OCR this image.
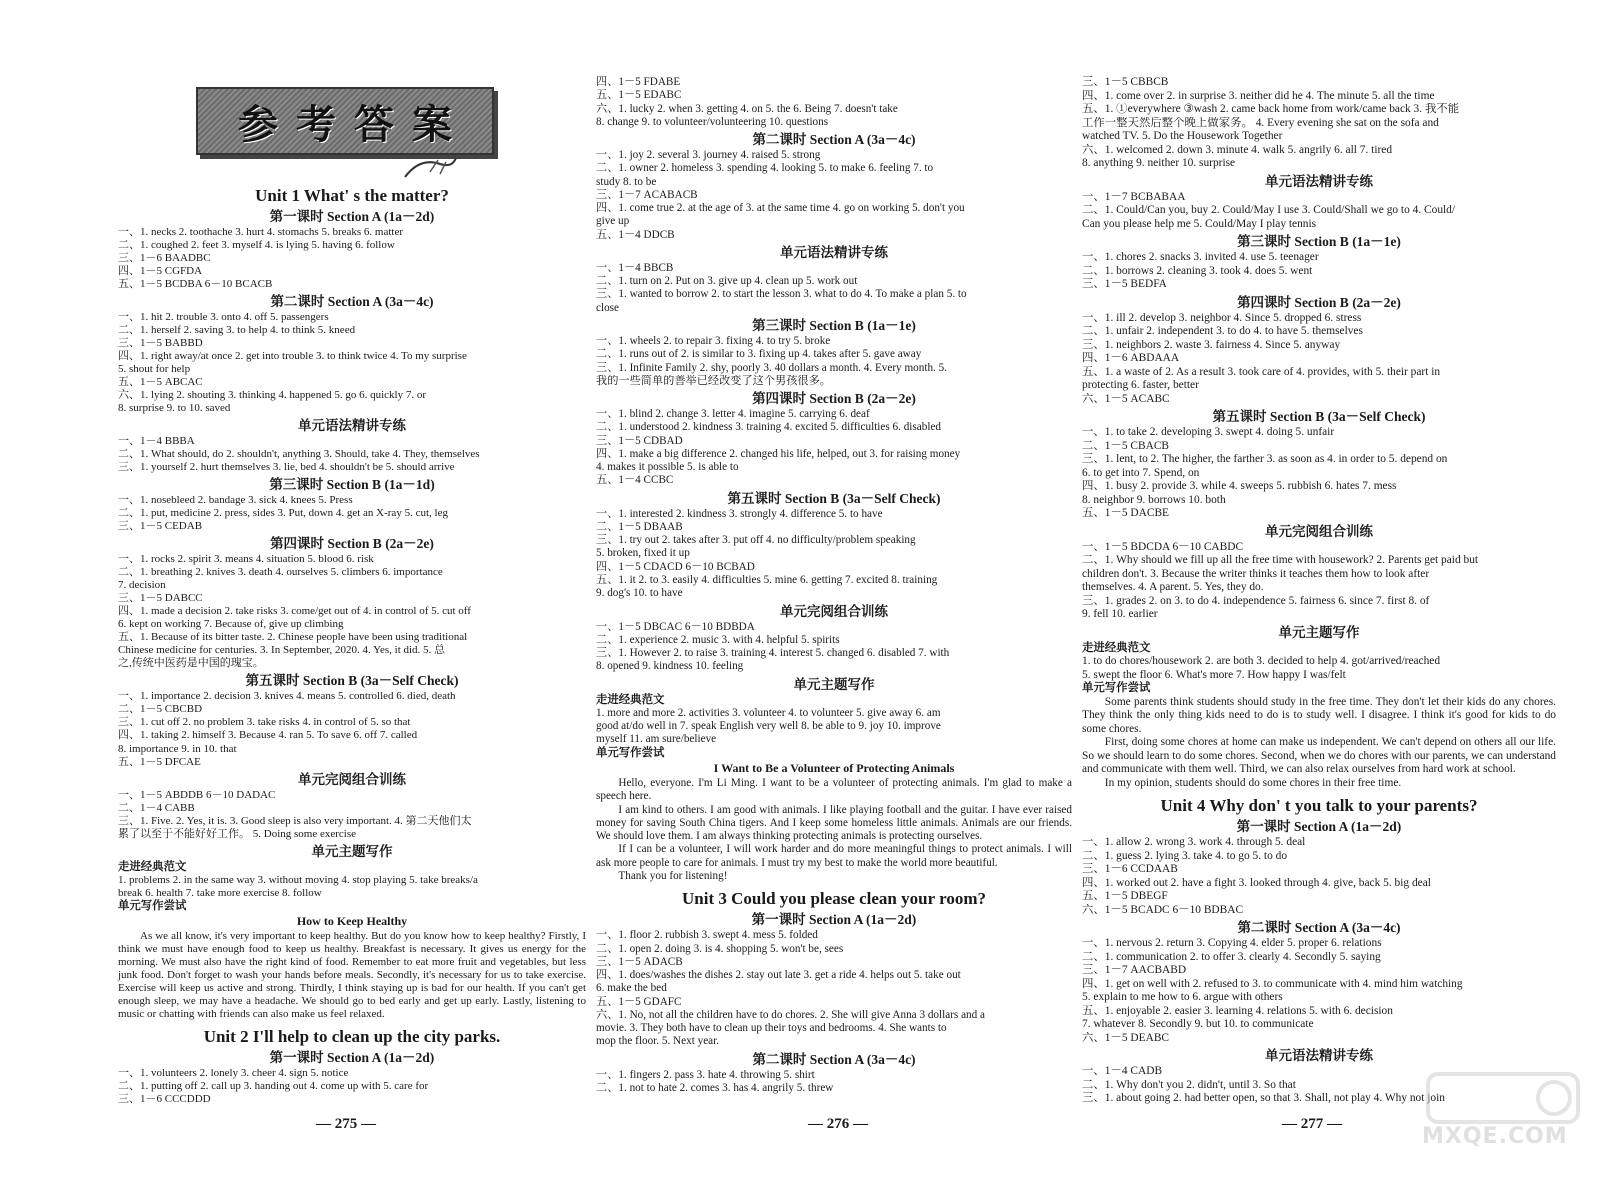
参考答案
Unit 1 What' s the matter?
第一课时 Section A (1a－2d)
一、1. necks 2. toothache 3. hurt 4. stomachs 5. breaks 6. matter
二、1. coughed 2. feet 3. myself 4. is lying 5. having 6. follow
三、1－6 BAADBC
四、1－5 CGFDA
五、1－5 BCDBA 6－10 BCACB
第二课时 Section A (3a－4c)
一、1. hit 2. trouble 3. onto 4. off 5. passengers
二、1. herself 2. saving 3. to help 4. to think 5. kneed
三、1－5 BABBD
四、1. right away/at once 2. get into trouble 3. to think twice 4. To my surprise
5. shout for help
五、1－5 ABCAC
六、1. lying 2. shouting 3. thinking 4. happened 5. go 6. quickly 7. or
8. surprise 9. to 10. saved
单元语法精讲专练
一、1－4 BBBA
二、1. What should, do 2. shouldn't, anything 3. Should, take 4. They, themselves
三、1. yourself 2. hurt themselves 3. lie, bed 4. shouldn't be 5. should arrive
第三课时 Section B (1a－1d)
一、1. nosebleed 2. bandage 3. sick 4. knees 5. Press
二、1. put, medicine 2. press, sides 3. Put, down 4. get an X-ray 5. cut, leg
三、1－5 CEDAB
第四课时 Section B (2a－2e)
一、1. rocks 2. spirit 3. means 4. situation 5. blood 6. risk
二、1. breathing 2. knives 3. death 4. ourselves 5. climbers 6. importance
7. decision
三、1－5 DABCC
四、1. made a decision 2. take risks 3. come/get out of 4. in control of 5. cut off
6. kept on working 7. Because of, give up climbing
五、1. Because of its bitter taste. 2. Chinese people have been using traditional
Chinese medicine for centuries. 3. In September, 2020. 4. Yes, it did. 5. 总
之,传统中医药是中国的瑰宝。
第五课时 Section B (3a－Self Check)
一、1. importance 2. decision 3. knives 4. means 5. controlled 6. died, death
二、1－5 CBCBD
三、1. cut off 2. no problem 3. take risks 4. in control of 5. so that
四、1. taking 2. himself 3. Because 4. ran 5. To save 6. off 7. called
8. importance 9. in 10. that
五、1－5 DFCAE
单元完阅组合训练
一、1－5 ABDDB 6－10 DADAC
二、1－4 CABB
三、1. Five. 2. Yes, it is. 3. Good sleep is also very important. 4. 第二天他们太
累了以至于不能好好工作。 5. Doing some exercise
单元主题写作
走进经典范文
1. problems 2. in the same way 3. without moving 4. stop playing 5. take breaks/a
break 6. health 7. take more exercise 8. follow
单元写作尝试
How to Keep Healthy
As we all know, it's very important to keep healthy. But do you know how to keep healthy? Firstly, I think we must have enough food to keep us healthy. Breakfast is necessary. It gives us energy for the morning. We must also have the right kind of food. Remember to eat more fruit and vegetables, but less junk food. Don't forget to wash your hands before meals. Secondly, it's necessary for us to take exercise. Exercise will keep us active and strong. Thirdly, I think staying up is bad for our health. If you can't get enough sleep, we may have a headache. We should go to bed early and get up early. Lastly, listening to music or chatting with friends can also make us feel relaxed.
Unit 2 I'll help to clean up the city parks.
第一课时 Section A (1a－2d)
一、1. volunteers 2. lonely 3. cheer 4. sign 5. notice
二、1. putting off 2. call up 3. handing out 4. come up with 5. care for
三、1－6 CCCDDD
四、1－5 FDABE
五、1－5 EDABC
六、1. lucky 2. when 3. getting 4. on 5. the 6. Being 7. doesn't take
8. change 9. to volunteer/volunteering 10. questions
第二课时 Section A (3a－4c)
一、1. joy 2. several 3. journey 4. raised 5. strong
二、1. owner 2. homeless 3. spending 4. looking 5. to make 6. feeling 7. to
study 8. to be
三、1－7 ACABACB
四、1. come true 2. at the age of 3. at the same time 4. go on working 5. don't you
give up
五、1－4 DDCB
单元语法精讲专练
一、1－4 BBCB
二、1. turn on 2. Put on 3. give up 4. clean up 5. work out
三、1. wanted to borrow 2. to start the lesson 3. what to do 4. To make a plan 5. to
close
第三课时 Section B (1a－1e)
一、1. wheels 2. to repair 3. fixing 4. to try 5. broke
二、1. runs out of 2. is similar to 3. fixing up 4. takes after 5. gave away
三、1. Infinite Family 2. shy, poorly 3. 40 dollars a month. 4. Every month. 5.
我的一些简单的善举已经改变了这个男孩很多。
第四课时 Section B (2a－2e)
一、1. blind 2. change 3. letter 4. imagine 5. carrying 6. deaf
二、1. understood 2. kindness 3. training 4. excited 5. difficulties 6. disabled
三、1－5 CDBAD
四、1. make a big difference 2. changed his life, helped, out 3. for raising money
4. makes it possible 5. is able to
五、1－4 CCBC
第五课时 Section B (3a－Self Check)
一、1. interested 2. kindness 3. strongly 4. difference 5. to have
二、1－5 DBAAB
三、1. try out 2. takes after 3. put off 4. no difficulty/problem speaking
5. broken, fixed it up
四、1－5 CDACD 6－10 BCBAD
五、1. it 2. to 3. easily 4. difficulties 5. mine 6. getting 7. excited 8. training
9. dog's 10. to have
单元完阅组合训练
一、1－5 DBCAC 6－10 BDBDA
二、1. experience 2. music 3. with 4. helpful 5. spirits
三、1. However 2. to raise 3. training 4. interest 5. changed 6. disabled 7. with
8. opened 9. kindness 10. feeling
单元主题写作
走进经典范文
1. more and more 2. activities 3. volunteer 4. to volunteer 5. give away 6. am
good at/do well in 7. speak English very well 8. be able to 9. joy 10. improve
myself 11. am sure/believe
单元写作尝试
I Want to Be a Volunteer of Protecting Animals
Hello, everyone. I'm Li Ming. I want to be a volunteer of protecting animals. I'm glad to make a speech here.
I am kind to others. I am good with animals. I like playing football and the guitar. I have ever raised money for saving South China tigers. And I keep some homeless little animals. Animals are our friends. We should love them. I am always thinking protecting animals is protecting ourselves.
If I can be a volunteer, I will work harder and do more meaningful things to protect animals. I will ask more people to care for animals. I must try my best to make the world more beautiful.
Thank you for listening!
Unit 3 Could you please clean your room?
第一课时 Section A (1a－2d)
一、1. floor 2. rubbish 3. swept 4. mess 5. folded
二、1. open 2. doing 3. is 4. shopping 5. won't be, sees
三、1－5 ADACB
四、1. does/washes the dishes 2. stay out late 3. get a ride 4. helps out 5. take out
6. make the bed
五、1－5 GDAFC
六、1. No, not all the children have to do chores. 2. She will give Anna 3 dollars and a
movie. 3. They both have to clean up their toys and bedrooms. 4. She wants to
mop the floor. 5. Next year.
第二课时 Section A (3a－4c)
一、1. fingers 2. pass 3. hate 4. throwing 5. shirt
二、1. not to hate 2. comes 3. has 4. angrily 5. threw
三、1－5 CBBCB
四、1. come over 2. in surprise 3. neither did he 4. The minute 5. all the time
五、1. ①everywhere ③wash 2. came back home from work/came back 3. 我不能
工作一整天然后整个晚上做家务。 4. Every evening she sat on the sofa and
watched TV. 5. Do the Housework Together
六、1. welcomed 2. down 3. minute 4. walk 5. angrily 6. all 7. tired
8. anything 9. neither 10. surprise
单元语法精讲专练
一、1－7 BCBABAA
二、1. Could/Can you, buy 2. Could/May I use 3. Could/Shall we go to 4. Could/
Can you please help me 5. Could/May I play tennis
第三课时 Section B (1a－1e)
一、1. chores 2. snacks 3. invited 4. use 5. teenager
二、1. borrows 2. cleaning 3. took 4. does 5. went
三、1－5 BEDFA
第四课时 Section B (2a－2e)
一、1. ill 2. develop 3. neighbor 4. Since 5. dropped 6. stress
二、1. unfair 2. independent 3. to do 4. to have 5. themselves
三、1. neighbors 2. waste 3. fairness 4. Since 5. anyway
四、1－6 ABDAAA
五、1. a waste of 2. As a result 3. took care of 4. provides, with 5. their part in
protecting 6. faster, better
六、1－5 ACABC
第五课时 Section B (3a－Self Check)
一、1. to take 2. developing 3. swept 4. doing 5. unfair
二、1－5 CBACB
三、1. lent, to 2. The higher, the farther 3. as soon as 4. in order to 5. depend on
6. to get into 7. Spend, on
四、1. busy 2. provide 3. while 4. sweeps 5. rubbish 6. hates 7. mess
8. neighbor 9. borrows 10. both
五、1－5 DACBE
单元完阅组合训练
一、1－5 BDCDA 6－10 CABDC
二、1. Why should we fill up all the free time with housework? 2. Parents get paid but
children don't. 3. Because the writer thinks it teaches them how to look after
themselves. 4. A parent. 5. Yes, they do.
三、1. grades 2. on 3. to do 4. independence 5. fairness 6. since 7. first 8. of
9. fell 10. earlier
单元主题写作
走进经典范文
1. to do chores/housework 2. are both 3. decided to help 4. got/arrived/reached
5. swept the floor 6. What's more 7. How happy I was/felt
单元写作尝试
Some parents think students should study in the free time. They don't let their kids do any chores. They think the only thing kids need to do is to study well. I disagree. I think it's good for kids to do some chores.
First, doing some chores at home can make us independent. We can't depend on others all our life. So we should learn to do some chores. Second, when we do chores with our parents, we can understand and communicate with them well. Third, we can also relax ourselves from hard work at school.
In my opinion, students should do some chores in their free time.
Unit 4 Why don' t you talk to your parents?
第一课时 Section A (1a－2d)
一、1. allow 2. wrong 3. work 4. through 5. deal
二、1. guess 2. lying 3. take 4. to go 5. to do
三、1－6 CCDAAB
四、1. worked out 2. have a fight 3. looked through 4. give, back 5. big deal
五、1－5 DBEGF
六、1－5 BCADC 6－10 BDBAC
第二课时 Section A (3a－4c)
一、1. nervous 2. return 3. Copying 4. elder 5. proper 6. relations
二、1. communication 2. to offer 3. clearly 4. Secondly 5. saying
三、1－7 AACBABD
四、1. get on well with 2. refused to 3. to communicate with 4. mind him watching
5. explain to me how to 6. argue with others
五、1. enjoyable 2. easier 3. learning 4. relations 5. with 6. decision
7. whatever 8. Secondly 9. but 10. to communicate
六、1－5 DEABC
单元语法精讲专练
一、1－4 CADB
二、1. Why don't you 2. didn't, until 3. So that
三、1. about going 2. had better open, so that 3. Shall, not play 4. Why not join
— 275 —	— 276 —	— 277 —	MXQE.COM
